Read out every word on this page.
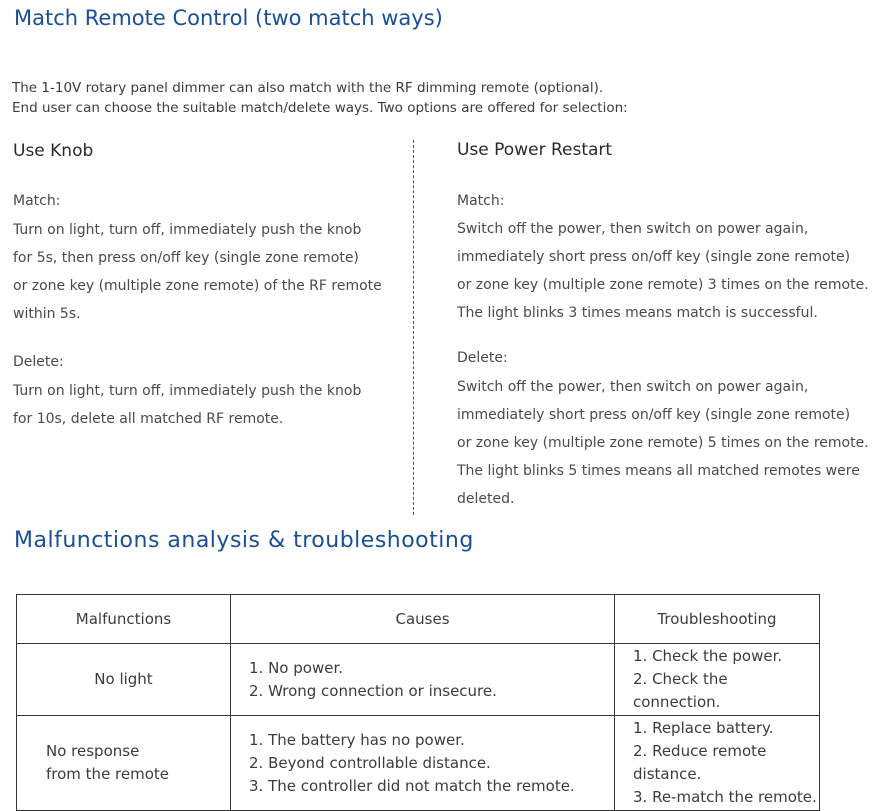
Match Remote Control (two match ways)
The 1-10V rotary panel dimmer can also match with the RF dimming remote (optional).
End user can choose the suitable match/delete ways. Two options are offered for selection:
Use Knob
Match:
Turn on light, turn off, immediately push the knob
for 5s, then press on/off key (single zone remote)
or zone key (multiple zone remote) of the RF remote
within 5s.
Delete:
Turn on light, turn off, immediately push the knob
for 10s, delete all matched RF remote.
Use Power Restart
Match:
Switch off the power, then switch on power again,
immediately short press on/off key (single zone remote)
or zone key (multiple zone remote) 3 times on the remote.
The light blinks 3 times means match is successful.
Delete:
Switch off the power, then switch on power again,
immediately short press on/off key (single zone remote)
or zone key (multiple zone remote) 5 times on the remote.
The light blinks 5 times means all matched remotes were
deleted.
Malfunctions analysis & troubleshooting
Malfunctions	Causes	Troubleshooting

No light	1. No power.
2. Wrong connection or insecure.	1. Check the power.
2. Check the connection.

No response
from the remote	1. The battery has no power.
2. Beyond controllable distance.
3. The controller did not match the remote.	1. Replace battery.
2. Reduce remote distance.
3. Re-match the remote.
